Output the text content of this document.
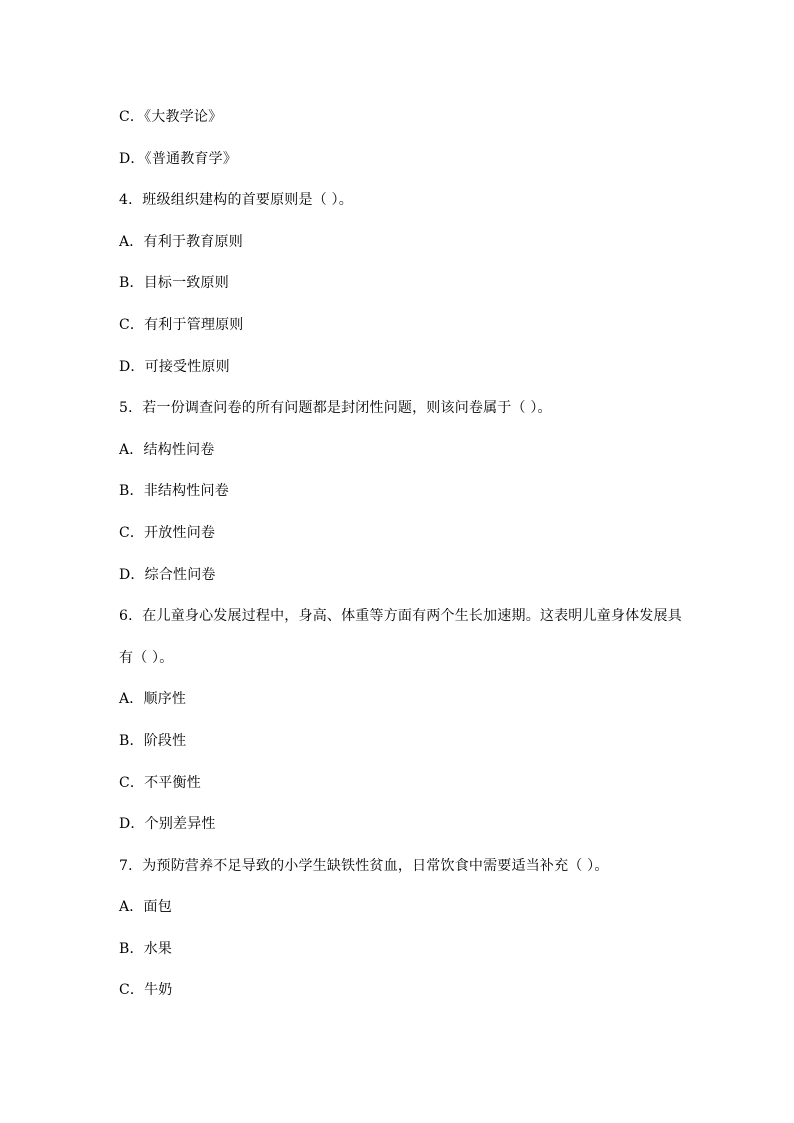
C．《大教学论》
D．《普通教育学》
4．班级组织建构的首要原则是（ ）。
A．有利于教育原则
B．目标一致原则
C．有利于管理原则
D．可接受性原则
5．若一份调查问卷的所有问题都是封闭性问题，则该问卷属于（ ）。
A．结构性问卷
B．非结构性问卷
C．开放性问卷
D．综合性问卷
6．在儿童身心发展过程中，身高、体重等方面有两个生长加速期。这表明儿童身体发展具
有（ ）。
A．顺序性
B．阶段性
C．不平衡性
D．个别差异性
7．为预防营养不足导致的小学生缺铁性贫血，日常饮食中需要适当补充（ ）。
A．面包
B．水果
C．牛奶
